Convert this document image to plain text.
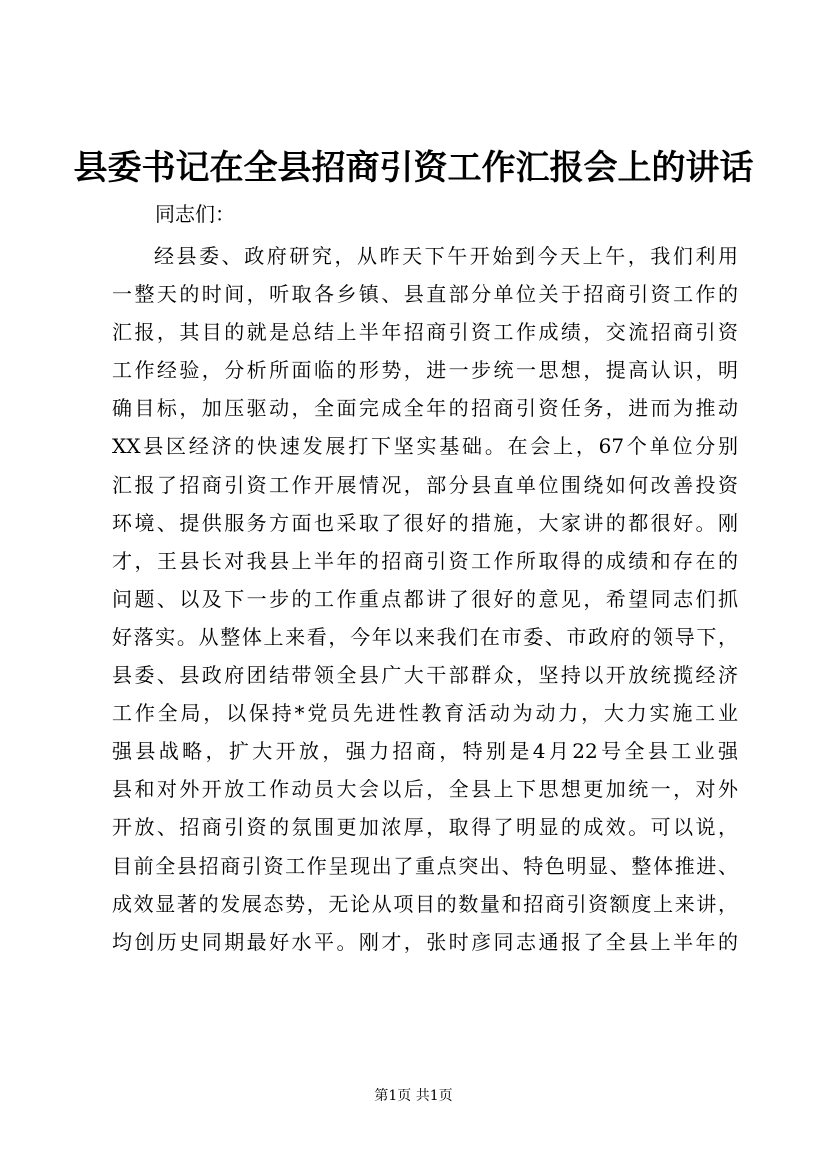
县委书记在全县招商引资工作汇报会上的讲话
同志们：
经县委、政府研究，从昨天下午开始到今天上午，我们利用
一整天的时间，听取各乡镇、县直部分单位关于招商引资工作的
汇报，其目的就是总结上半年招商引资工作成绩，交流招商引资
工作经验，分析所面临的形势，进一步统一思想，提高认识，明
确目标，加压驱动，全面完成全年的招商引资任务，进而为推动
XX县区经济的快速发展打下坚实基础。在会上，67个单位分别
汇报了招商引资工作开展情况，部分县直单位围绕如何改善投资
环境、提供服务方面也采取了很好的措施，大家讲的都很好。刚
才，王县长对我县上半年的招商引资工作所取得的成绩和存在的
问题、以及下一步的工作重点都讲了很好的意见，希望同志们抓
好落实。从整体上来看，今年以来我们在市委、市政府的领导下，
县委、县政府团结带领全县广大干部群众，坚持以开放统揽经济
工作全局，以保持*党员先进性教育活动为动力，大力实施工业
强县战略，扩大开放，强力招商，特别是4月22号全县工业强
县和对外开放工作动员大会以后，全县上下思想更加统一，对外
开放、招商引资的氛围更加浓厚，取得了明显的成效。可以说，
目前全县招商引资工作呈现出了重点突出、特色明显、整体推进、
成效显著的发展态势，无论从项目的数量和招商引资额度上来讲，
均创历史同期最好水平。刚才，张时彦同志通报了全县上半年的
第1页 共1页
